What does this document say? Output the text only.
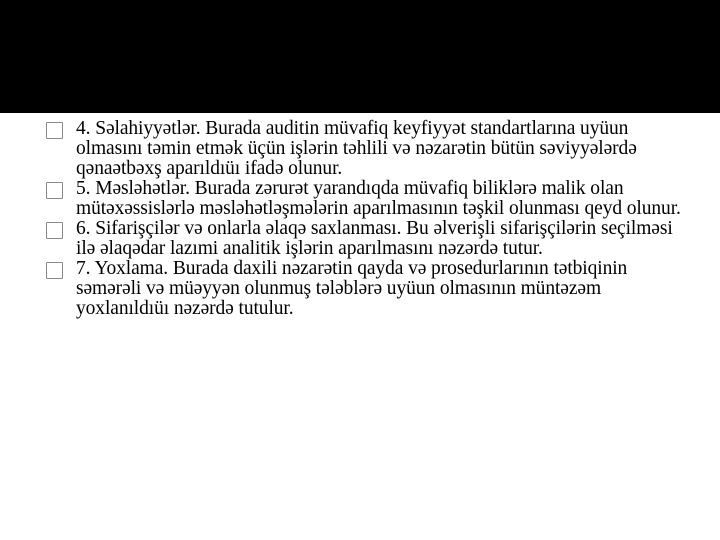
4. Səlahiyyətlər. Burada auditin müvafiq keyfiyyət standartlarına uyüun olmasını təmin etmək üçün işlərin təhlili və nəzarətin bütün səviyyələrdə qənaətbəxş aparıldıüı ifadə olunur.
5. Məsləhətlər. Burada zərurət yarandıqda müvafiq biliklərə malik olan mütəxəssislərlə məsləhətləşmələrin aparılmasının təşkil olunması qeyd olunur.
6. Sifarişçilər və onlarla əlaqə saxlanması. Bu əlverişli sifarişçilərin seçilməsi ilə əlaqədar lazımi analitik işlərin aparılmasını nəzərdə tutur.
7. Yoxlama. Burada daxili nəzarətin qayda və prosedurlarının tətbiqinin səmərəli və müəyyən olunmuş tələblərə uyüun olmasının müntəzəm yoxlanıldıüı nəzərdə tutulur.
